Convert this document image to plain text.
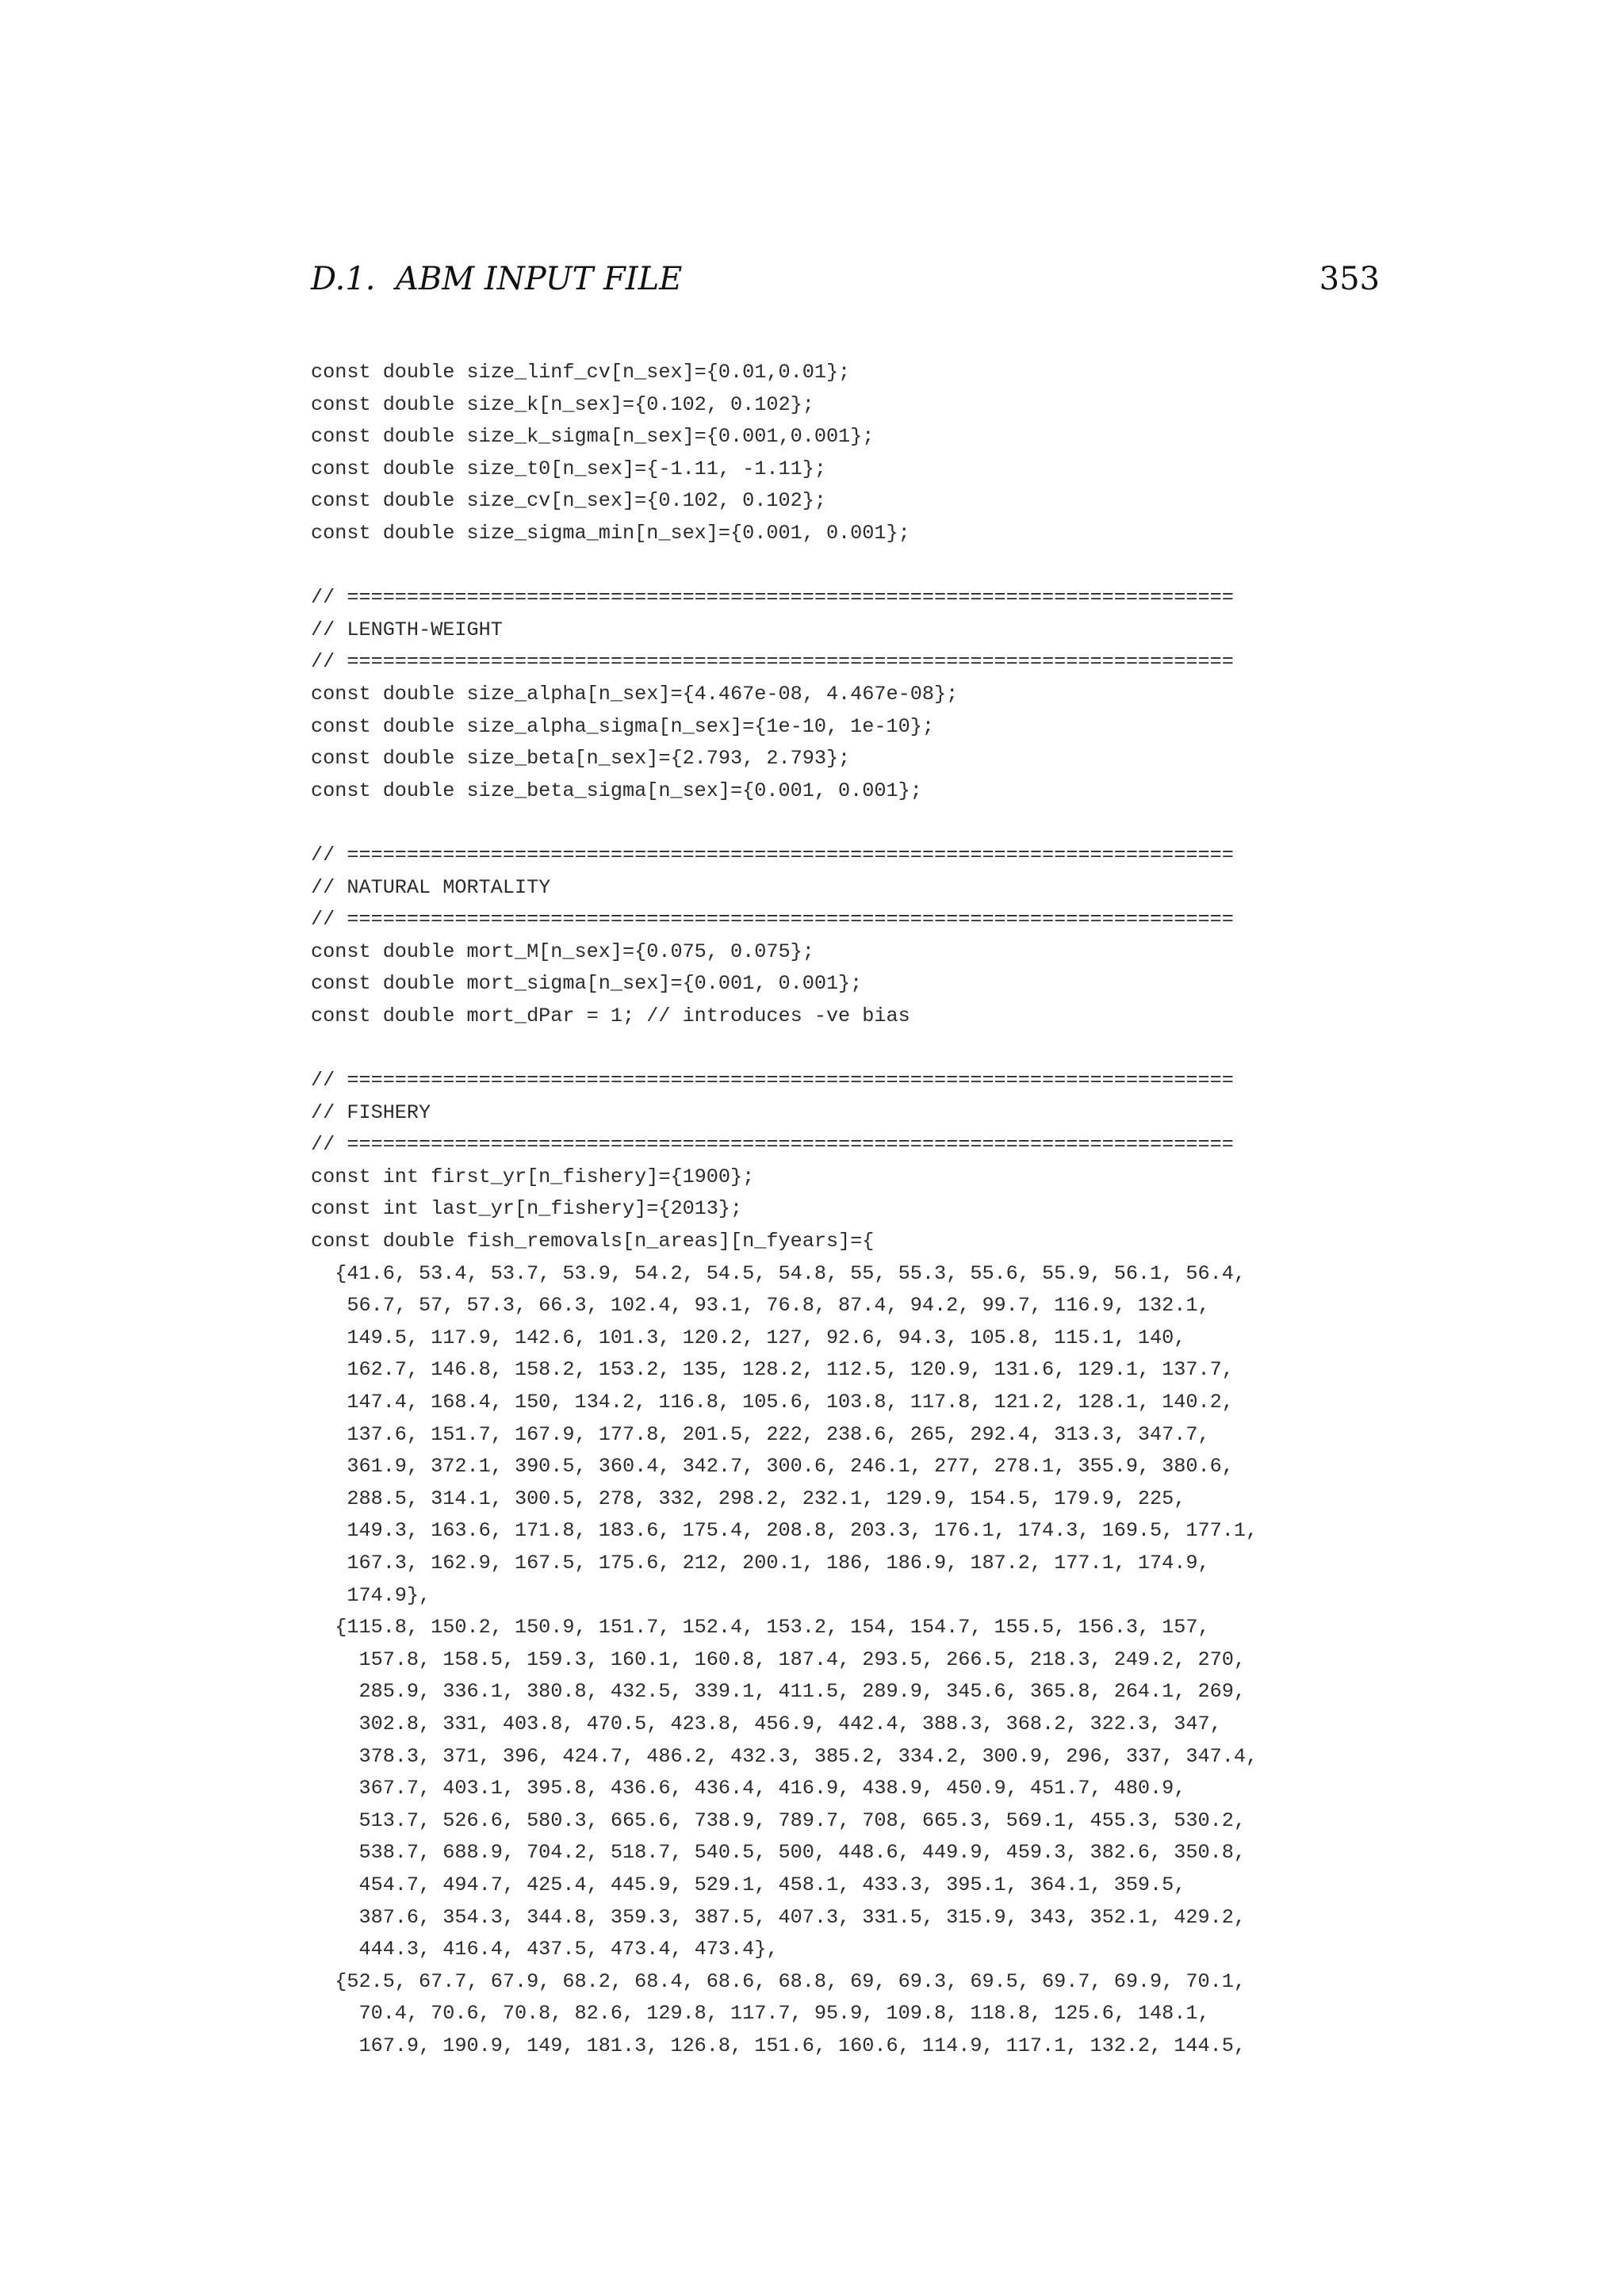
D.1.  ABM INPUT FILE	353
const double size_linf_cv[n_sex]={0.01,0.01};
const double size_k[n_sex]={0.102, 0.102};
const double size_k_sigma[n_sex]={0.001,0.001};
const double size_t0[n_sex]={-1.11, -1.11};
const double size_cv[n_sex]={0.102, 0.102};
const double size_sigma_min[n_sex]={0.001, 0.001};
// ==========================================================================
// LENGTH-WEIGHT
// ==========================================================================
const double size_alpha[n_sex]={4.467e-08, 4.467e-08};
const double size_alpha_sigma[n_sex]={1e-10, 1e-10};
const double size_beta[n_sex]={2.793, 2.793};
const double size_beta_sigma[n_sex]={0.001, 0.001};
// ==========================================================================
// NATURAL MORTALITY
// ==========================================================================
const double mort_M[n_sex]={0.075, 0.075};
const double mort_sigma[n_sex]={0.001, 0.001};
const double mort_dPar = 1; // introduces -ve bias
// ==========================================================================
// FISHERY
// ==========================================================================
const int first_yr[n_fishery]={1900};
const int last_yr[n_fishery]={2013};
const double fish_removals[n_areas][n_fyears]={
{41.6, 53.4, 53.7, 53.9, 54.2, 54.5, 54.8, 55, 55.3, 55.6, 55.9, 56.1, 56.4,
56.7, 57, 57.3, 66.3, 102.4, 93.1, 76.8, 87.4, 94.2, 99.7, 116.9, 132.1,
149.5, 117.9, 142.6, 101.3, 120.2, 127, 92.6, 94.3, 105.8, 115.1, 140,
162.7, 146.8, 158.2, 153.2, 135, 128.2, 112.5, 120.9, 131.6, 129.1, 137.7,
147.4, 168.4, 150, 134.2, 116.8, 105.6, 103.8, 117.8, 121.2, 128.1, 140.2,
137.6, 151.7, 167.9, 177.8, 201.5, 222, 238.6, 265, 292.4, 313.3, 347.7,
361.9, 372.1, 390.5, 360.4, 342.7, 300.6, 246.1, 277, 278.1, 355.9, 380.6,
288.5, 314.1, 300.5, 278, 332, 298.2, 232.1, 129.9, 154.5, 179.9, 225,
149.3, 163.6, 171.8, 183.6, 175.4, 208.8, 203.3, 176.1, 174.3, 169.5, 177.1,
167.3, 162.9, 167.5, 175.6, 212, 200.1, 186, 186.9, 187.2, 177.1, 174.9,
174.9},
{115.8, 150.2, 150.9, 151.7, 152.4, 153.2, 154, 154.7, 155.5, 156.3, 157,
157.8, 158.5, 159.3, 160.1, 160.8, 187.4, 293.5, 266.5, 218.3, 249.2, 270,
285.9, 336.1, 380.8, 432.5, 339.1, 411.5, 289.9, 345.6, 365.8, 264.1, 269,
302.8, 331, 403.8, 470.5, 423.8, 456.9, 442.4, 388.3, 368.2, 322.3, 347,
378.3, 371, 396, 424.7, 486.2, 432.3, 385.2, 334.2, 300.9, 296, 337, 347.4,
367.7, 403.1, 395.8, 436.6, 436.4, 416.9, 438.9, 450.9, 451.7, 480.9,
513.7, 526.6, 580.3, 665.6, 738.9, 789.7, 708, 665.3, 569.1, 455.3, 530.2,
538.7, 688.9, 704.2, 518.7, 540.5, 500, 448.6, 449.9, 459.3, 382.6, 350.8,
454.7, 494.7, 425.4, 445.9, 529.1, 458.1, 433.3, 395.1, 364.1, 359.5,
387.6, 354.3, 344.8, 359.3, 387.5, 407.3, 331.5, 315.9, 343, 352.1, 429.2,
444.3, 416.4, 437.5, 473.4, 473.4},
{52.5, 67.7, 67.9, 68.2, 68.4, 68.6, 68.8, 69, 69.3, 69.5, 69.7, 69.9, 70.1,
70.4, 70.6, 70.8, 82.6, 129.8, 117.7, 95.9, 109.8, 118.8, 125.6, 148.1,
167.9, 190.9, 149, 181.3, 126.8, 151.6, 160.6, 114.9, 117.1, 132.2, 144.5,
